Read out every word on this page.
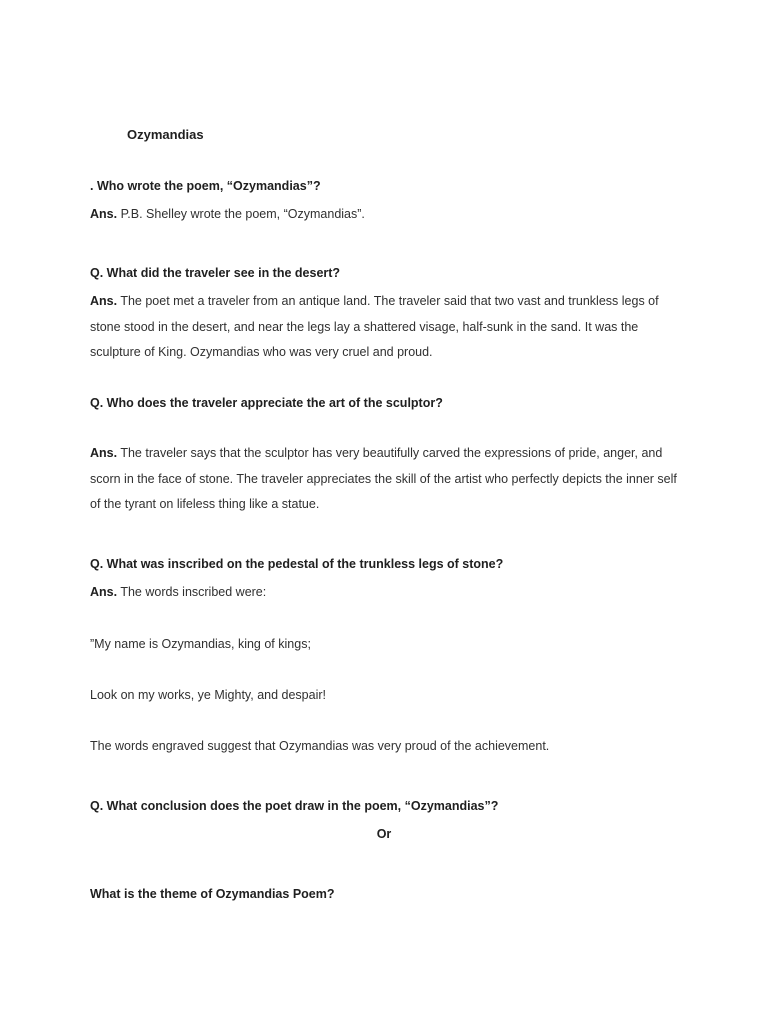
Ozymandias

. Who wrote the poem, “Ozymandias”?

Ans. P.B. Shelley wrote the poem, “Ozymandias”.

Q. What did the traveler see in the desert?

Ans. The poet met a traveler from an antique land. The traveler said that two vast and trunkless legs of stone stood in the desert, and near the legs lay a shattered visage, half-sunk in the sand. It was the sculpture of King. Ozymandias who was very cruel and proud.

Q. Who does the traveler appreciate the art of the sculptor?

Ans. The traveler says that the sculptor has very beautifully carved the expressions of pride, anger, and scorn in the face of stone. The traveler appreciates the skill of the artist who perfectly depicts the inner self of the tyrant on lifeless thing like a statue.

Q. What was inscribed on the pedestal of the trunkless legs of stone?

Ans. The words inscribed were:

”My name is Ozymandias, king of kings;

Look on my works, ye Mighty, and despair!

The words engraved suggest that Ozymandias was very proud of the achievement.

Q. What conclusion does the poet draw in the poem, “Ozymandias”?

Or

What is the theme of Ozymandias Poem?
